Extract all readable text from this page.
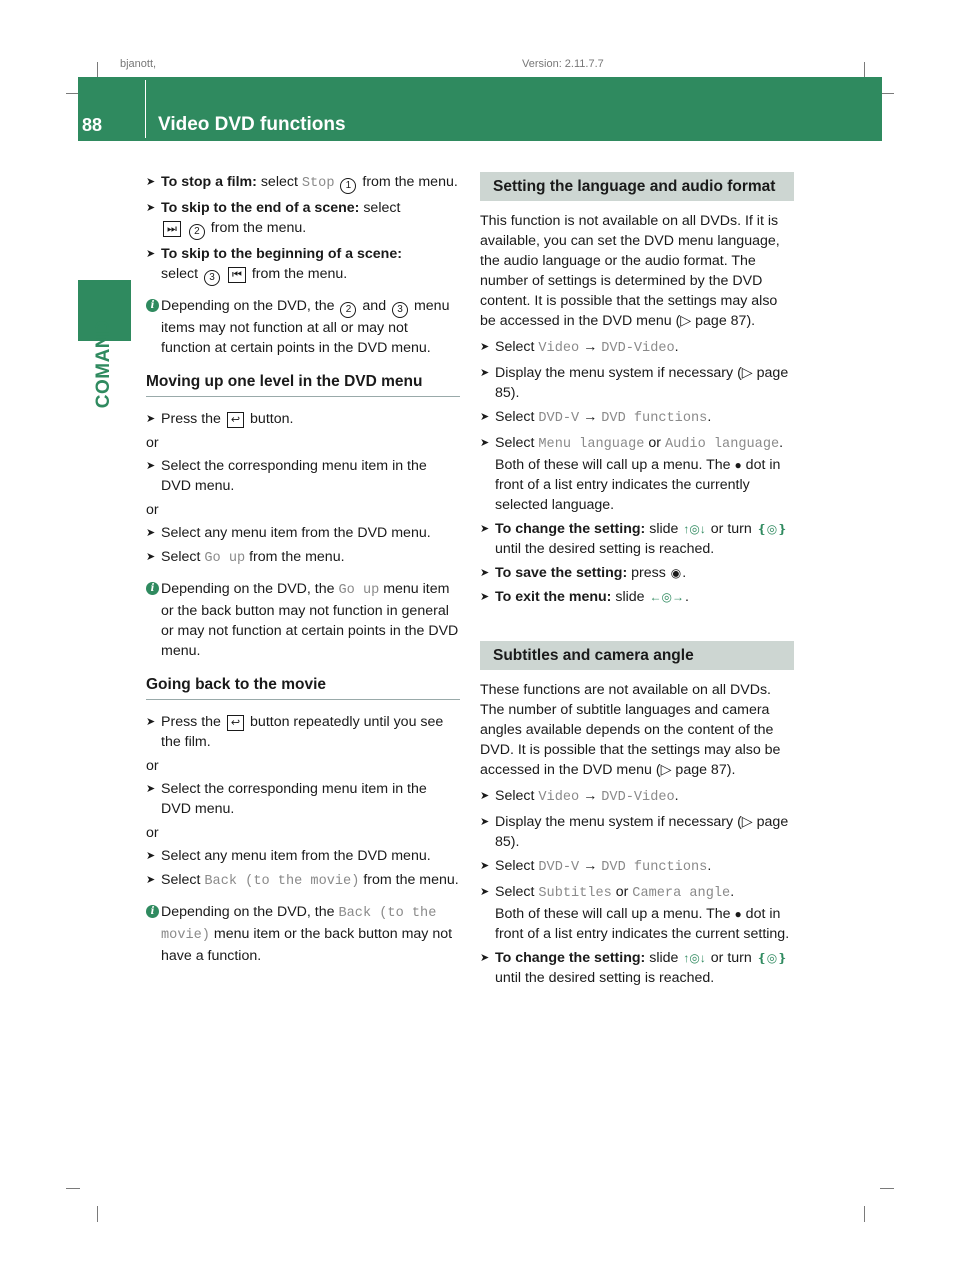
bjanott,	Version: 2.11.7.7
88	Video DVD functions
COMAND
➤ To stop a film: select Stop 1 from the menu.
➤ To skip to the end of a scene: select
⏭ 2 from the menu.
➤ To skip to the beginning of a scene:
select 3 ⏮ from the menu.
i Depending on the DVD, the 2 and 3 menu items may not function at all or may not function at certain points in the DVD menu.
Moving up one level in the DVD menu
➤ Press the ↩ button.
or
➤ Select the corresponding menu item in the DVD menu.
or
➤ Select any menu item from the DVD menu.
➤ Select Go up from the menu.
i Depending on the DVD, the Go up menu item or the back button may not function in general or may not function at certain points in the DVD menu.
Going back to the movie
➤ Press the ↩ button repeatedly until you see the film.
or
➤ Select the corresponding menu item in the DVD menu.
or
➤ Select any menu item from the DVD menu.
➤ Select Back (to the movie) from the menu.
i Depending on the DVD, the Back (to the movie) menu item or the back button may not have a function.
Setting the language and audio format
This function is not available on all DVDs. If it is available, you can set the DVD menu language, the audio language or the audio format. The number of settings is determined by the DVD content. It is possible that the settings may also be accessed in the DVD menu (▷ page 87).
➤ Select Video → DVD-Video.
➤ Display the menu system if necessary (▷ page 85).
➤ Select DVD-V → DVD functions.
➤ Select Menu language or Audio language.
Both of these will call up a menu. The ● dot in front of a list entry indicates the currently selected language.
➤ To change the setting: slide ↑◎↓ or turn ❴◎❵ until the desired setting is reached.
➤ To save the setting: press ◉.
➤ To exit the menu: slide ←◎→.
Subtitles and camera angle
These functions are not available on all DVDs. The number of subtitle languages and camera angles available depends on the content of the DVD. It is possible that the settings may also be accessed in the DVD menu (▷ page 87).
➤ Select Video → DVD-Video.
➤ Display the menu system if necessary (▷ page 85).
➤ Select DVD-V → DVD functions.
➤ Select Subtitles or Camera angle.
Both of these will call up a menu. The ● dot in front of a list entry indicates the current setting.
➤ To change the setting: slide ↑◎↓ or turn ❴◎❵ until the desired setting is reached.
